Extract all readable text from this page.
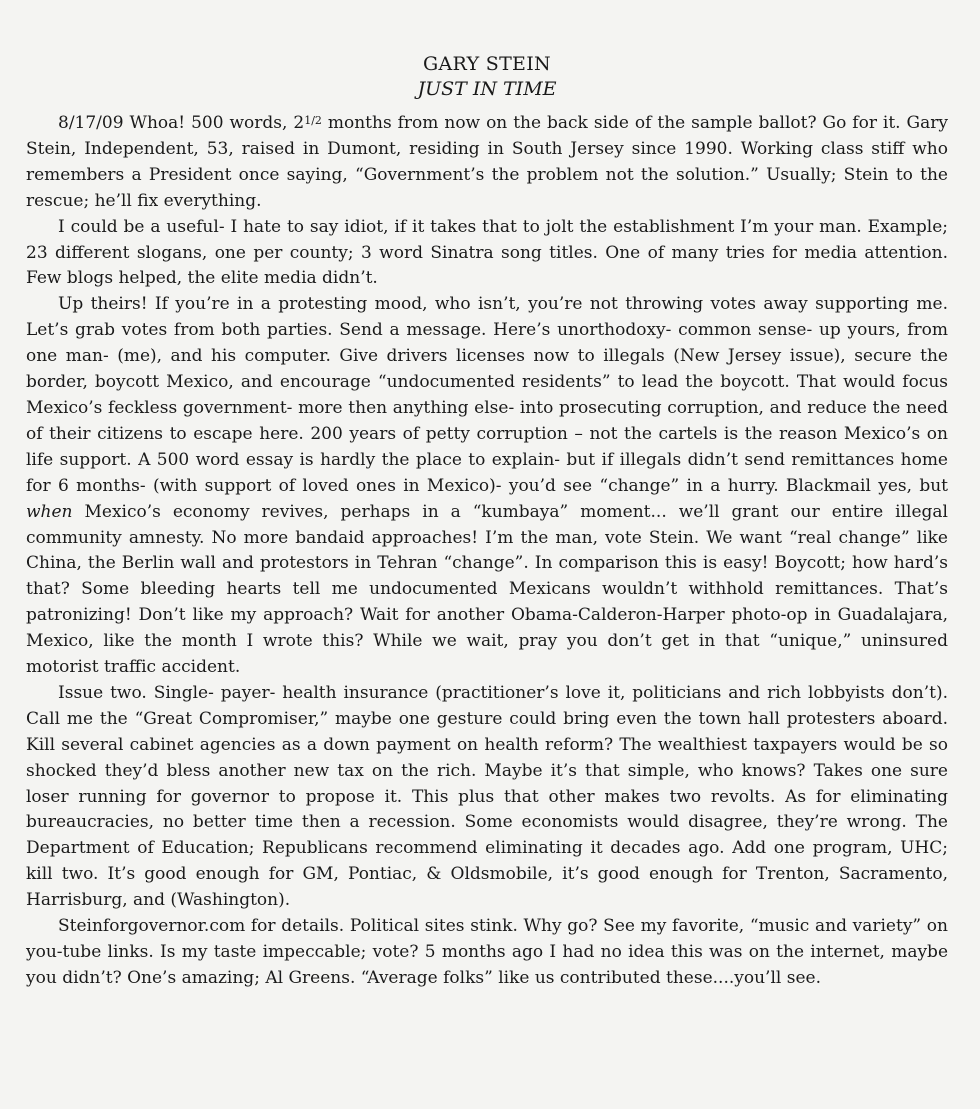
GARY STEIN
JUST IN TIME

8/17/09 Whoa! 500 words, $2^{1/2}$ months from now on the back side of the sample ballot? Go for it. Gary Stein, Independent, 53, raised in Dumont, residing in South Jersey since 1990. Working class stiff who remembers a President once saying, “Government’s the problem not the solution.” Usually; Stein to the rescue; he’ll fix everything.

I could be a useful- I hate to say idiot, if it takes that to jolt the establishment I’m your man. Example; 23 different slogans, one per county; 3 word Sinatra song titles. One of many tries for media attention. Few blogs helped, the elite media didn’t.

Up theirs! If you’re in a protesting mood, who isn’t, you’re not throwing votes away supporting me. Let’s grab votes from both parties. Send a message. Here’s unorthodoxy- common sense- up yours, from one man- (me), and his computer. Give drivers licenses now to illegals (New Jersey issue), secure the border, boycott Mexico, and encourage “undocumented residents” to lead the boycott. That would focus Mexico’s feckless government- more then anything else- into prosecuting corruption, and reduce the need of their citizens to escape here. 200 years of petty corruption – not the cartels is the reason Mexico’s on life support. A 500 word essay is hardly the place to explain- but if illegals didn’t send remittances home for 6 months- (with support of loved ones in Mexico)- you’d see “change” in a hurry. Blackmail yes, but when Mexico’s economy revives, perhaps in a “kumbaya” moment... we’ll grant our entire illegal community amnesty. No more bandaid approaches! I’m the man, vote Stein. We want “real change” like China, the Berlin wall and protestors in Tehran “change”. In comparison this is easy! Boycott; how hard’s that? Some bleeding hearts tell me undocumented Mexicans wouldn’t withhold remittances. That’s patronizing! Don’t like my approach? Wait for another Obama-Calderon-Harper photo-op in Guadalajara, Mexico, like the month I wrote this? While we wait, pray you don’t get in that “unique,” uninsured motorist traffic accident.

Issue two. Single- payer- health insurance (practitioner’s love it, politicians and rich lobbyists don’t). Call me the “Great Compromiser,” maybe one gesture could bring even the town hall protesters aboard. Kill several cabinet agencies as a down payment on health reform? The wealthiest taxpayers would be so shocked they’d bless another new tax on the rich. Maybe it’s that simple, who knows? Takes one sure loser running for governor to propose it. This plus that other makes two revolts. As for eliminating bureaucracies, no better time then a recession. Some economists would disagree, they’re wrong. The Department of Education; Republicans recommend eliminating it decades ago. Add one program, UHC; kill two. It’s good enough for GM, Pontiac, & Oldsmobile, it’s good enough for Trenton, Sacramento, Harrisburg, and (Washington).

Steinforgovernor.com for details. Political sites stink. Why go? See my favorite, “music and variety” on you-tube links. Is my taste impeccable; vote? 5 months ago I had no idea this was on the internet, maybe you didn’t? One’s amazing; Al Greens. “Average folks” like us contributed these....you’ll see.
